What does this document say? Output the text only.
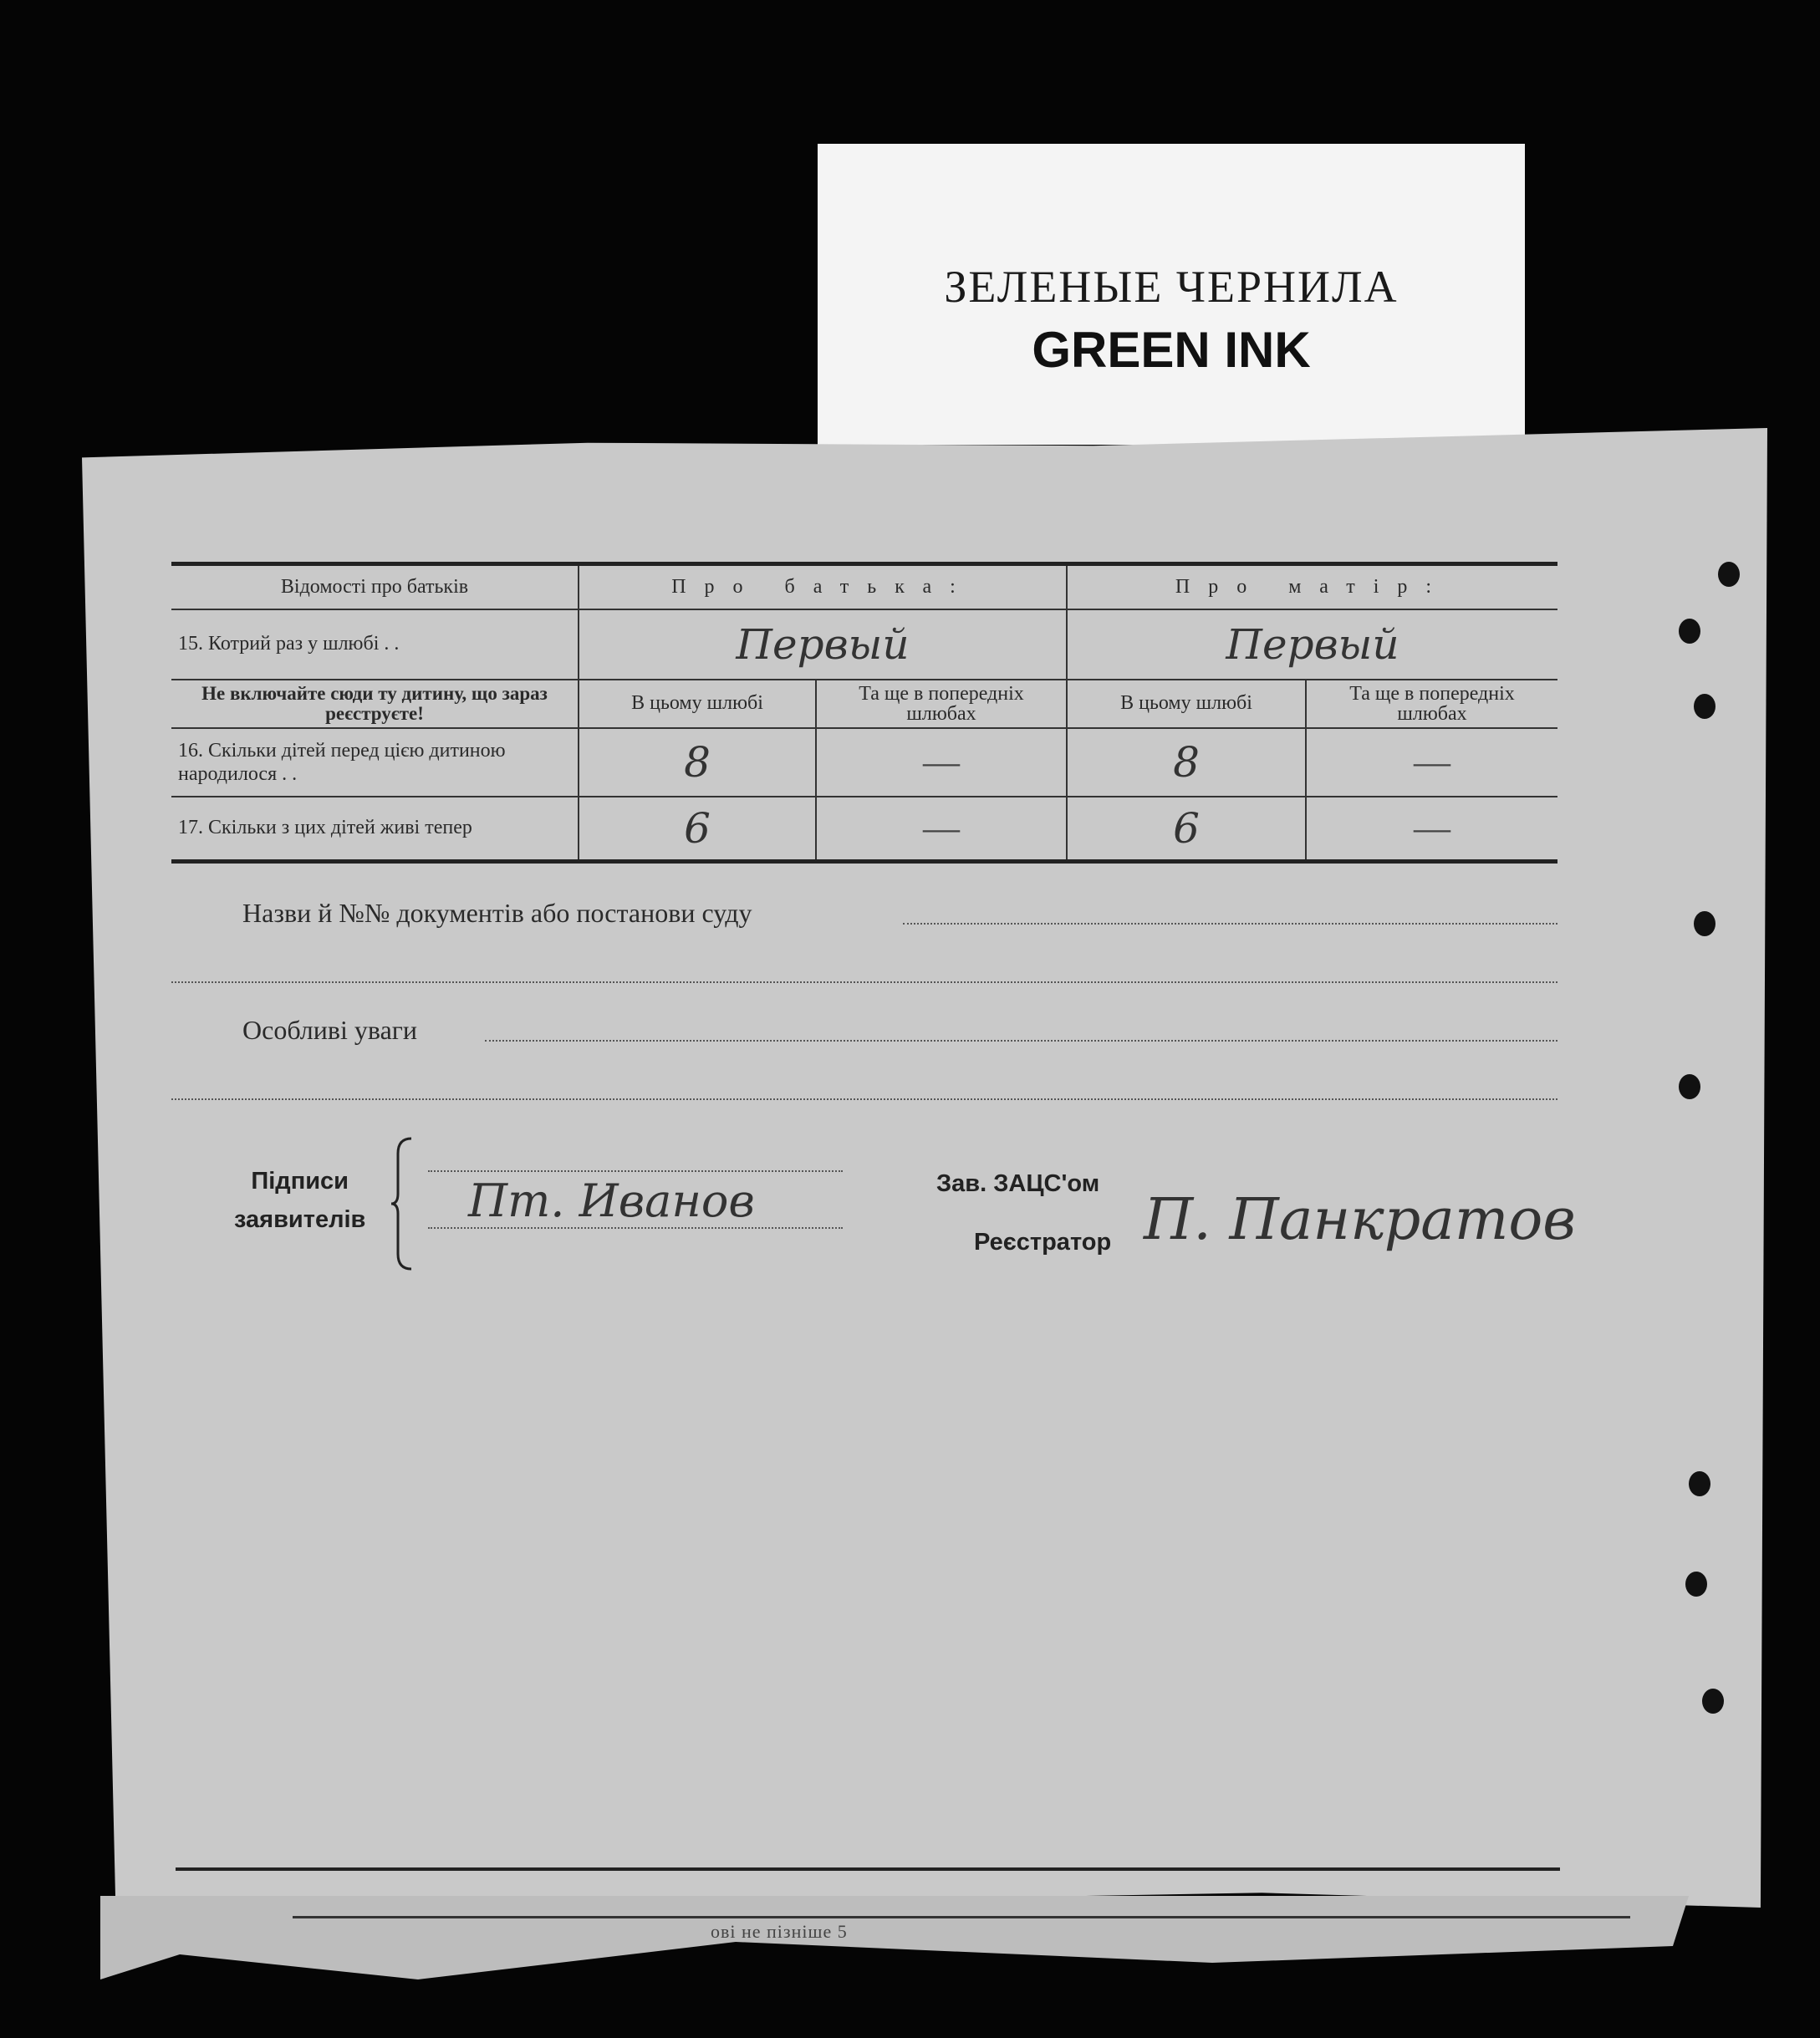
ЗЕЛЕНЫЕ ЧЕРНИЛА
GREEN INK
Відомості про батьків	Про батька:		Про матір:	
15. Котрий раз у шлюбі . .	Первый		Первый	
Не включайте сюди ту дитину, що зараз реєструєте!	В цьому шлюбі	Та ще в попередніх шлюбах	В цьому шлюбі	Та ще в попередніх шлюбах
16. Скільки дітей перед цією дитиною народилося . .	8	—	8	—
17. Скільки з цих дітей живі тепер	6	—	6	—
Назви й №№ документів або постанови суду
Особливі уваги
Підписи
заявителів Пт. Иванов	Зав. ЗАЦС'ом
Реєстратор П. Панкратов
ові не пізніше 5
